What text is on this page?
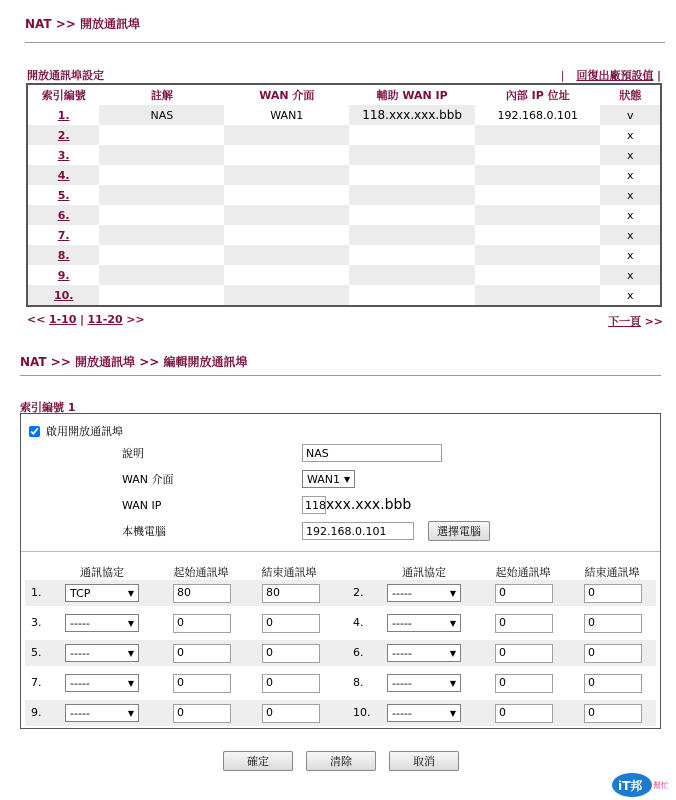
NAT >> 開放通訊埠
開放通訊埠設定	| 回復出廠預設值 |
索引編號	註解	WAN 介面	輔助 WAN IP	內部 IP 位址	狀態
1.	NAS	WAN1	118.xxx.xxx.bbb	192.168.0.101	v
2.					x
3.					x
4.					x
5.					x
6.					x
7.					x
8.					x
9.					x
10.					x
<< 1-10 | 11-20 >>	下一頁 >>
NAT >> 開放通訊埠 >> 編輯開放通訊埠
索引編號 1
啟用開放通訊埠
說明	NAS
WAN 介面	WAN1 ▼
WAN IP	118.
xxx.xxx.bbb
本機電腦	192.168.0.101	選擇電腦
通訊協定	起始通訊埠	結束通訊埠	通訊協定	起始通訊埠	結束通訊埠
1.	TCP	▼	80	80	2.	-----	▼	0	0
3.	-----	▼	0	0	4.	-----	▼	0	0
5.	-----	▼	0	0	6.	-----	▼	0	0
7.	-----	▼	0	0	8.	-----	▼	0	0
9.	-----	▼	0	0	10. -----	▼	0	0
確定	清除	取消
iT邦 幫忙
